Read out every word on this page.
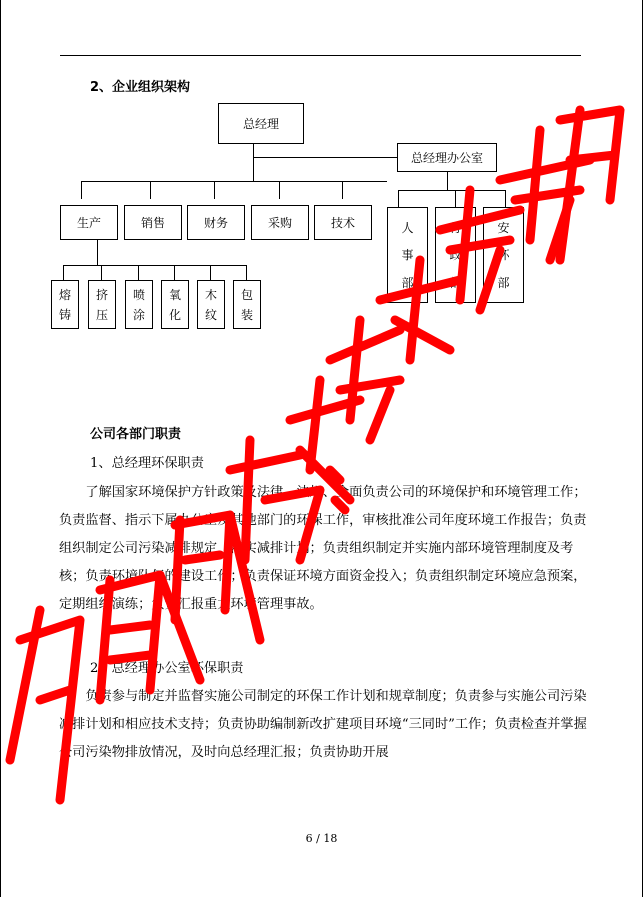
2、企业组织架构
总经理
总经理办公室
生产	销售	财务	采购	技术	人
事
部
行
政
部
安
环
部
熔
铸
挤
压
喷
涂
氧
化
木
纹
包
装
公司各部门职责
1、总经理环保职责
了解国家环境保护方针政策及法律、法规、全面负责公司的环境保护和环境管理工作；负责监督、指示下属办公室及其他部门的环保工作，审核批准公司年度环境工作报告；负责组织制定公司污染减排规定，落实减排计划；负责组织制定并实施内部环境管理制度及考核；负责环境队伍的建设工作；负责保证环境方面资金投入；负责组织制定环境应急预案，定期组织演练；负责汇报重大环境管理事故。
2、总经理办公室环保职责
负责参与制定并监督实施公司制定的环保工作计划和规章制度；负责参与实施公司污染减排计划和相应技术支持；负责协助编制新改扩建项目环境“三同时”工作；负责检查并掌握公司污染物排放情况，及时向总经理汇报；负责协助开展
6 / 18
